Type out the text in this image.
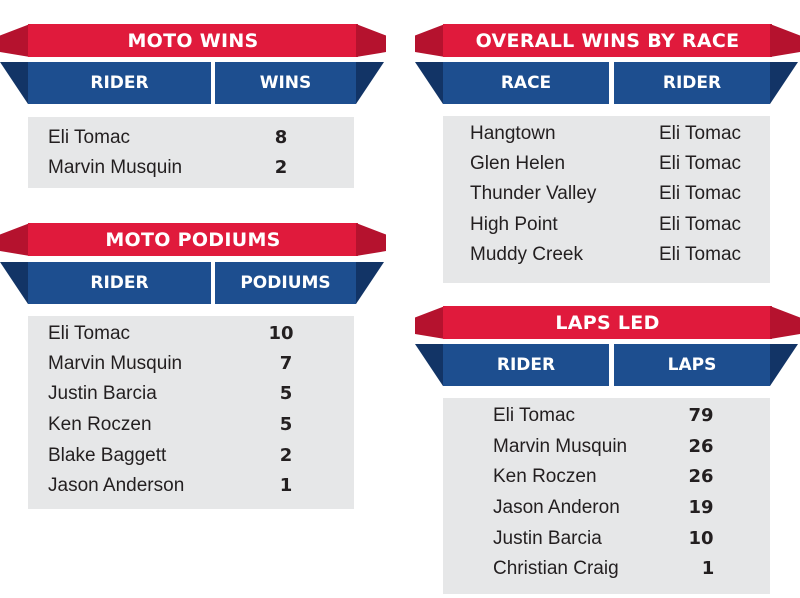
MOTO WINS
RIDER	WINS
Eli Tomac	8
Marvin Musquin	2
MOTO PODIUMS
RIDER	PODIUMS
Eli Tomac	10
Marvin Musquin	7
Justin Barcia	5
Ken Roczen	5
Blake Baggett	2
Jason Anderson	1
OVERALL WINS BY RACE
RACE	RIDER
Hangtown	Eli Tomac
Glen Helen	Eli Tomac
Thunder Valley	Eli Tomac
High Point	Eli Tomac
Muddy Creek	Eli Tomac
LAPS LED
RIDER	LAPS
Eli Tomac	79
Marvin Musquin	26
Ken Roczen	26
Jason Anderon	19
Justin Barcia	10
Christian Craig	1
